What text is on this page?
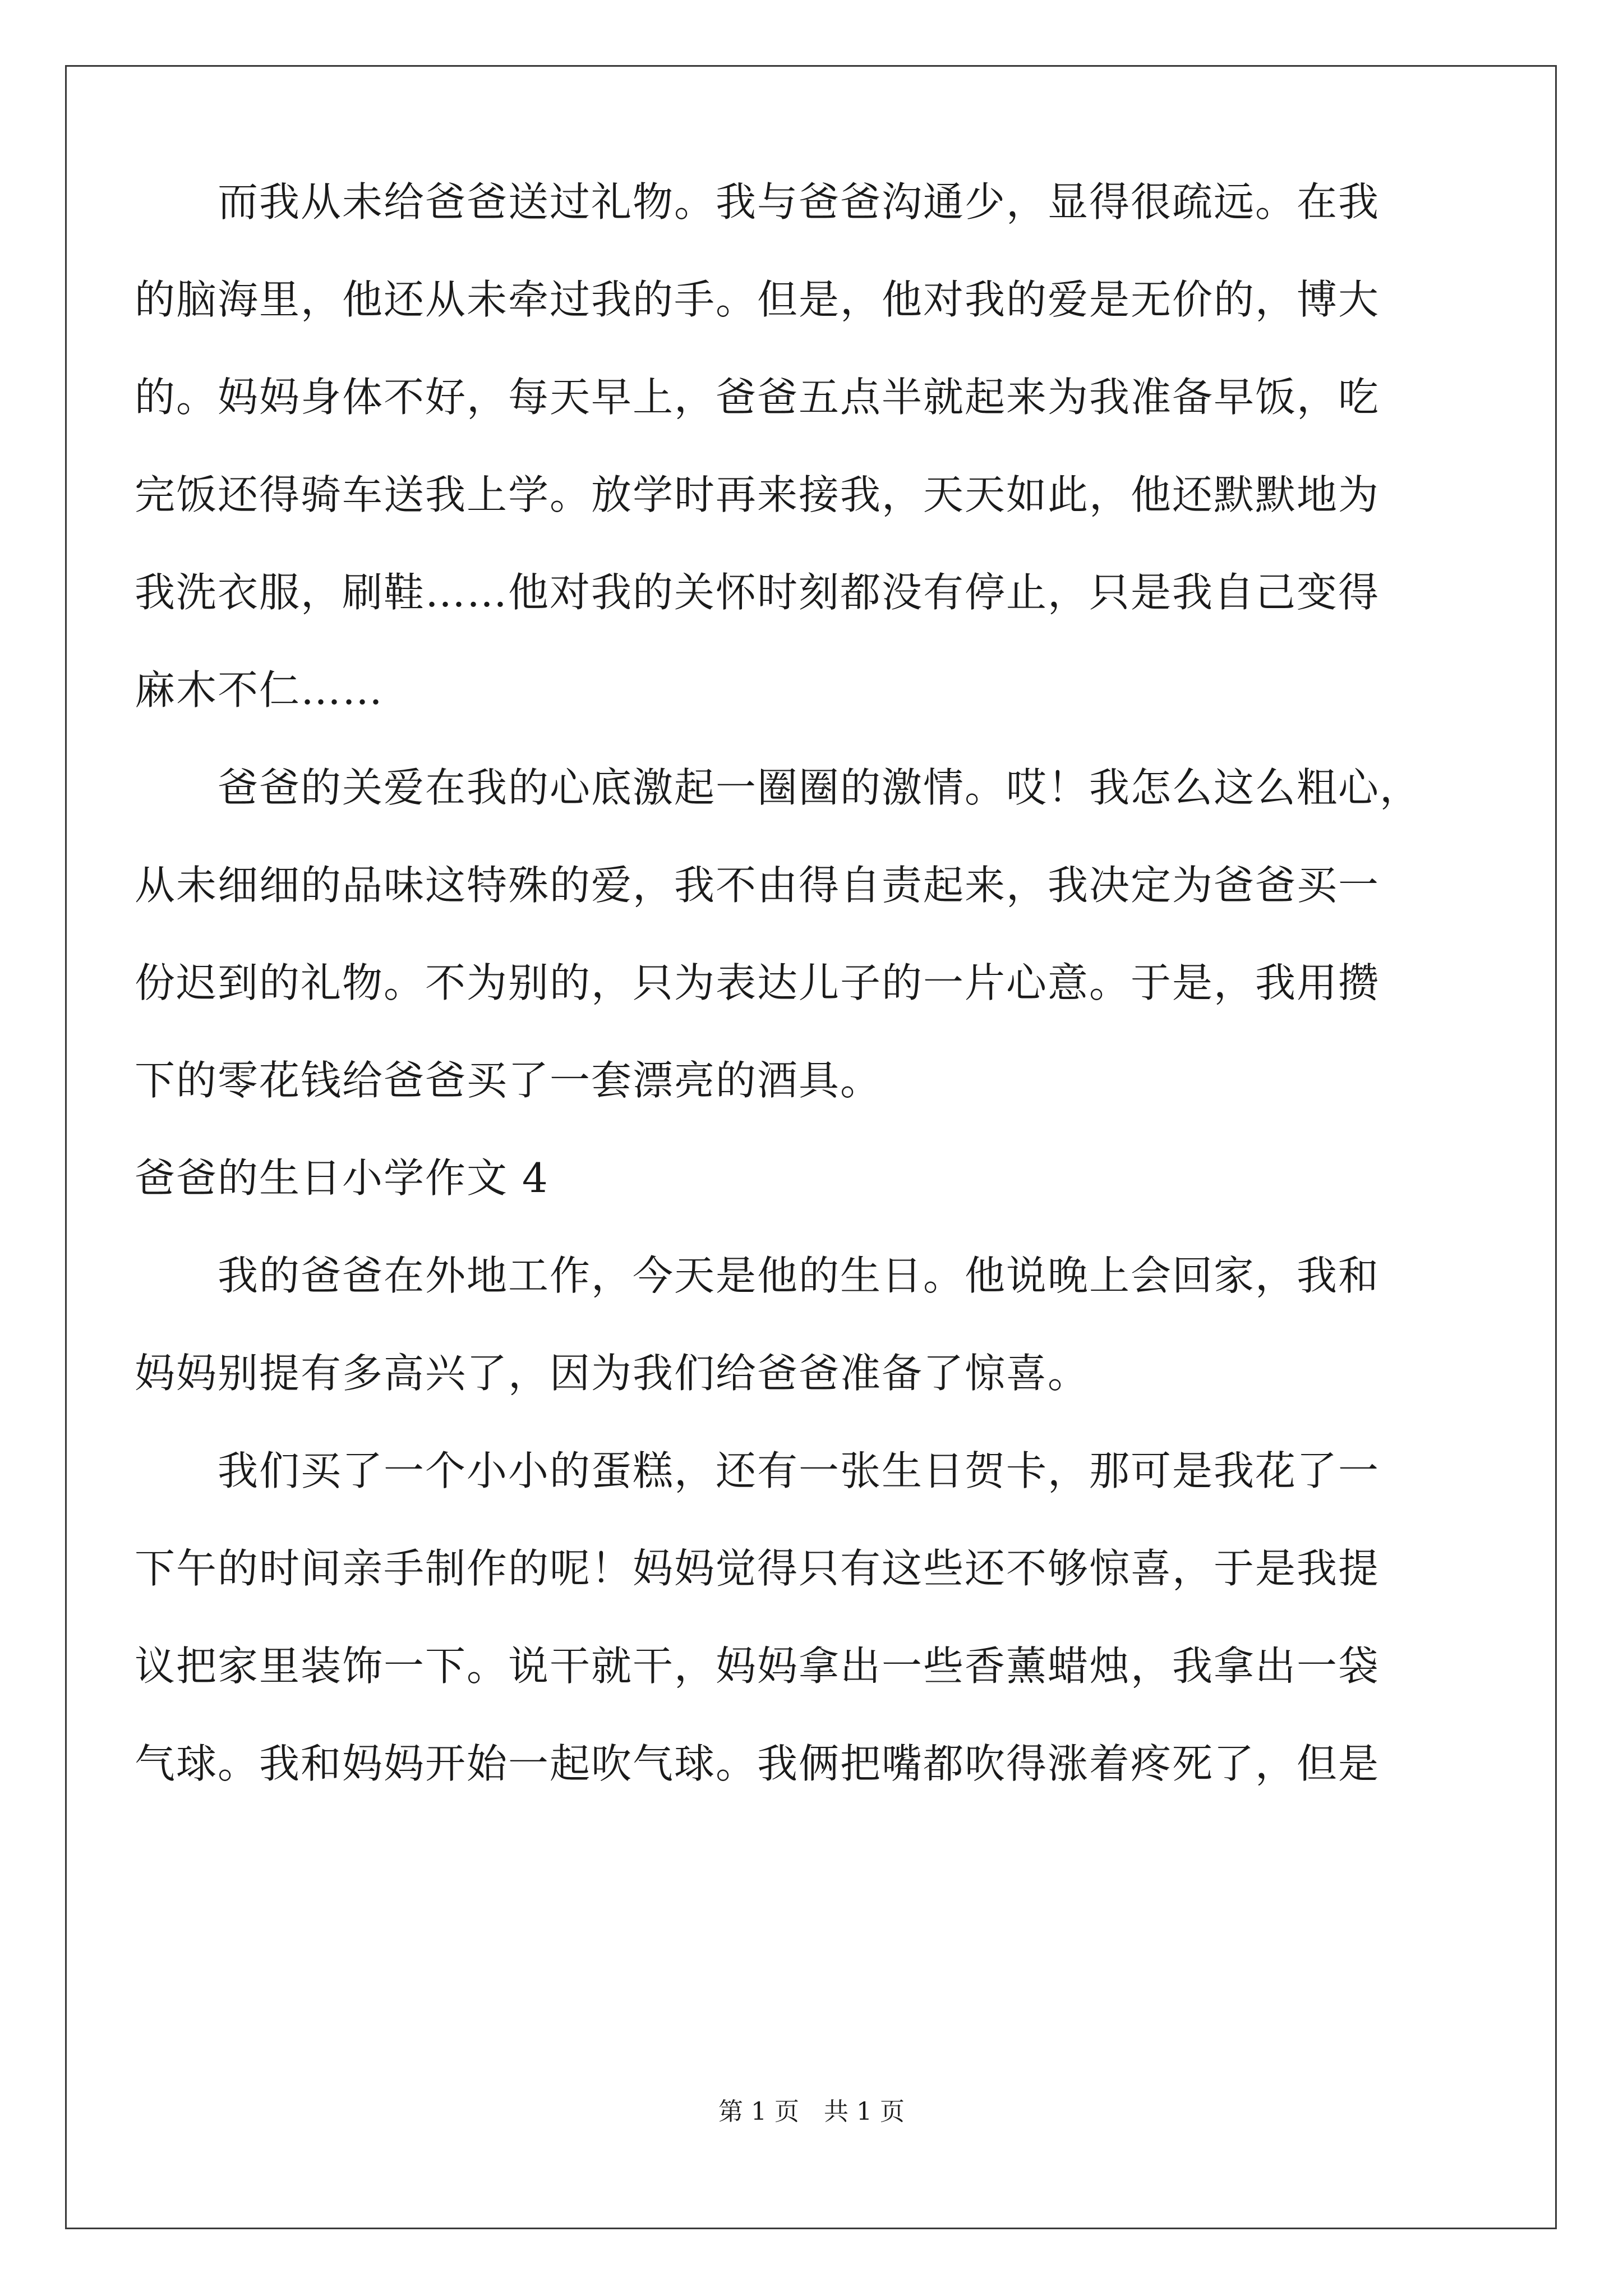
　　而我从未给爸爸送过礼物。我与爸爸沟通少，显得很疏远。在我
的脑海里，他还从未牵过我的手。但是，他对我的爱是无价的，博大
的。妈妈身体不好，每天早上，爸爸五点半就起来为我准备早饭，吃
完饭还得骑车送我上学。放学时再来接我，天天如此，他还默默地为
我洗衣服，刷鞋……他对我的关怀时刻都没有停止，只是我自己变得
麻木不仁……
　　爸爸的关爱在我的心底激起一圈圈的激情。哎！我怎么这么粗心，
从未细细的品味这特殊的爱，我不由得自责起来，我决定为爸爸买一
份迟到的礼物。不为别的，只为表达儿子的一片心意。于是，我用攒
下的零花钱给爸爸买了一套漂亮的酒具。
爸爸的生日小学作文 4
　　我的爸爸在外地工作，今天是他的生日。他说晚上会回家，我和
妈妈别提有多高兴了，因为我们给爸爸准备了惊喜。
　　我们买了一个小小的蛋糕，还有一张生日贺卡，那可是我花了一
下午的时间亲手制作的呢！妈妈觉得只有这些还不够惊喜，于是我提
议把家里装饰一下。说干就干，妈妈拿出一些香薰蜡烛，我拿出一袋
气球。我和妈妈开始一起吹气球。我俩把嘴都吹得涨着疼死了，但是
第 1 页　共 1 页
